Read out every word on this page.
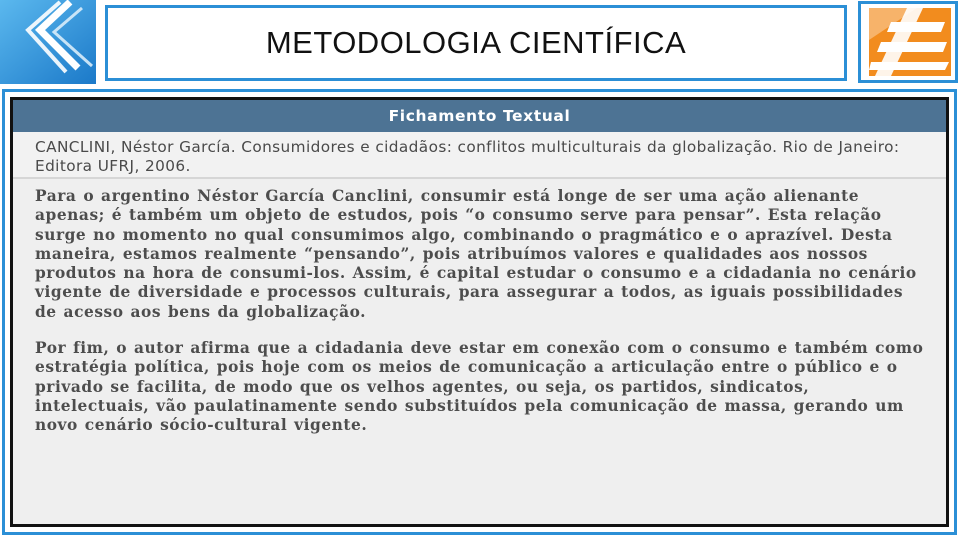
METODOLOGIA CIENTÍFICA
Fichamento Textual
CANCLINI, Néstor García. Consumidores e cidadãos: conflitos multiculturais da globalização. Rio de Janeiro: Editora UFRJ, 2006.

Para o argentino Néstor García Canclini, consumir está longe de ser uma ação alienante apenas; é também um objeto de estudos, pois “o consumo serve para pensar”. Esta relação surge no momento no qual consumimos algo, combinando o pragmático e o aprazível. Desta maneira, estamos realmente “pensando”, pois atribuímos valores e qualidades aos nossos produtos na hora de consumi-los. Assim, é capital estudar o consumo e a cidadania no cenário vigente de diversidade e processos culturais, para assegurar a todos, as iguais possibilidades de acesso aos bens da globalização.

Por fim, o autor afirma que a cidadania deve estar em conexão com o consumo e também como estratégia política, pois hoje com os meios de comunicação a articulação entre o público e o privado se facilita, de modo que os velhos agentes, ou seja, os partidos, sindicatos, intelectuais, vão paulatinamente sendo substituídos pela comunicação de massa, gerando um novo cenário sócio-cultural vigente.
